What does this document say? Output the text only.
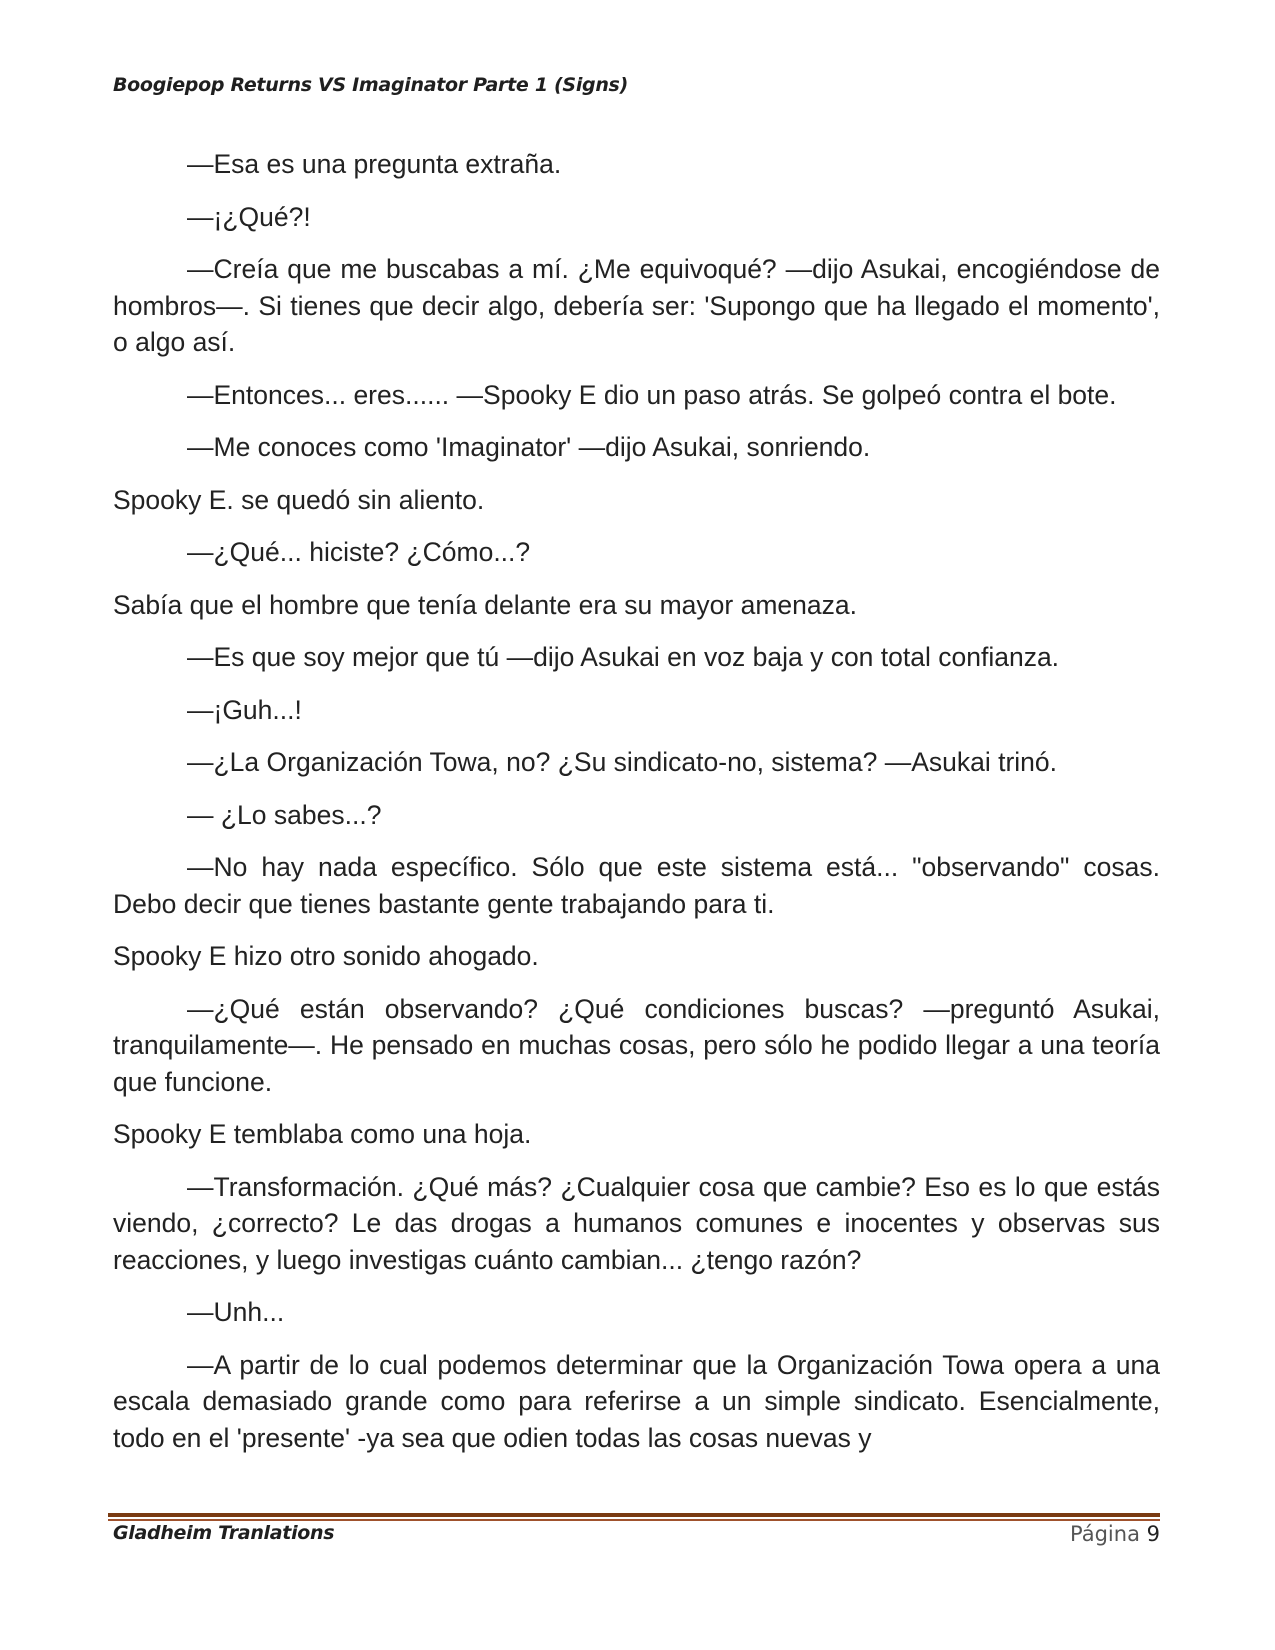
Boogiepop Returns VS Imaginator Parte 1 (Signs)

—Esa es una pregunta extraña.

—¡¿Qué?!

—Creía que me buscabas a mí. ¿Me equivoqué? —dijo Asukai, encogiéndose de hombros—. Si tienes que decir algo, debería ser: 'Supongo que ha llegado el momento', o algo así.

—Entonces... eres...... —Spooky E dio un paso atrás. Se golpeó contra el bote.

—Me conoces como 'Imaginator' —dijo Asukai, sonriendo.

Spooky E. se quedó sin aliento.

—¿Qué... hiciste? ¿Cómo...?

Sabía que el hombre que tenía delante era su mayor amenaza.

—Es que soy mejor que tú —dijo Asukai en voz baja y con total confianza.

—¡Guh...!

—¿La Organización Towa, no? ¿Su sindicato-no, sistema? —Asukai trinó.

— ¿Lo sabes...?

—No hay nada específico. Sólo que este sistema está... "observando" cosas. Debo decir que tienes bastante gente trabajando para ti.

Spooky E hizo otro sonido ahogado.

—¿Qué están observando? ¿Qué condiciones buscas? —preguntó Asukai, tranquilamente—. He pensado en muchas cosas, pero sólo he podido llegar a una teoría que funcione.

Spooky E temblaba como una hoja.

—Transformación. ¿Qué más? ¿Cualquier cosa que cambie? Eso es lo que estás viendo, ¿correcto? Le das drogas a humanos comunes e inocentes y observas sus reacciones, y luego investigas cuánto cambian... ¿tengo razón?

—Unh...

—A partir de lo cual podemos determinar que la Organización Towa opera a una escala demasiado grande como para referirse a un simple sindicato. Esencialmente, todo en el 'presente' -ya sea que odien todas las cosas nuevas y

Gladheim Tranlations	Página 9
